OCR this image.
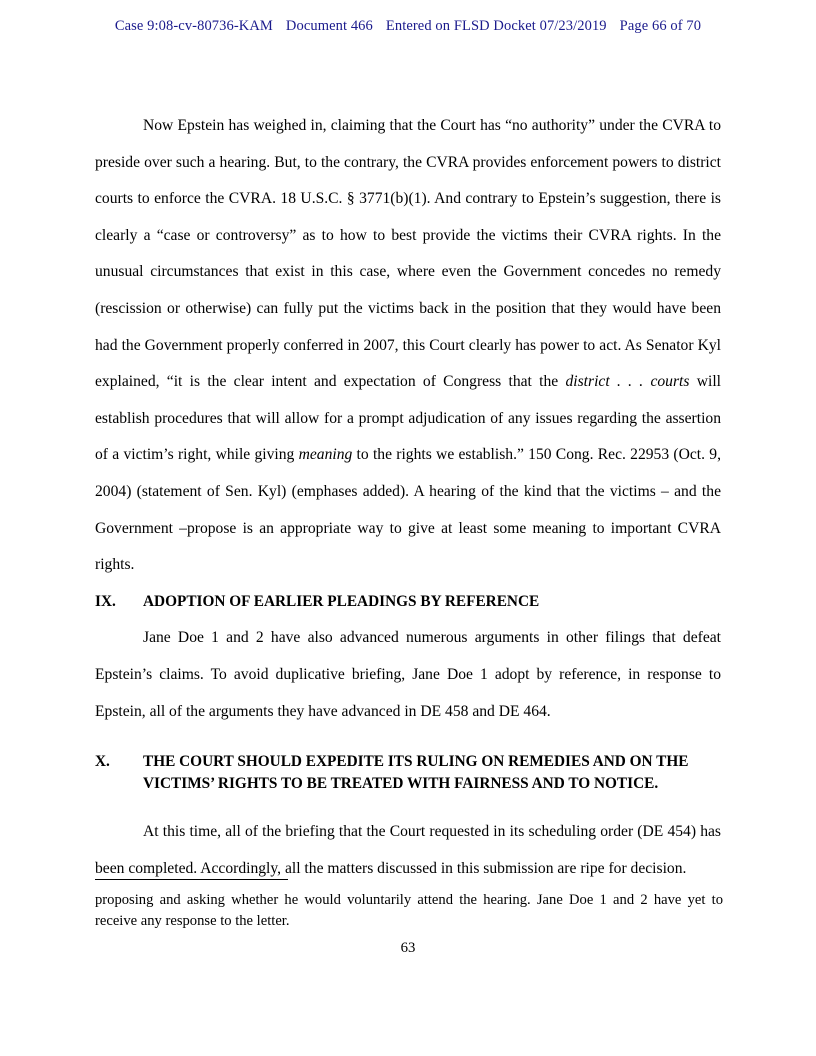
Case 9:08-cv-80736-KAM Document 466 Entered on FLSD Docket 07/23/2019 Page 66 of 70

Now Epstein has weighed in, claiming that the Court has “no authority” under the CVRA to preside over such a hearing. But, to the contrary, the CVRA provides enforcement powers to district courts to enforce the CVRA. 18 U.S.C. § 3771(b)(1). And contrary to Epstein’s suggestion, there is clearly a “case or controversy” as to how to best provide the victims their CVRA rights. In the unusual circumstances that exist in this case, where even the Government concedes no remedy (rescission or otherwise) can fully put the victims back in the position that they would have been had the Government properly conferred in 2007, this Court clearly has power to act. As Senator Kyl explained, “it is the clear intent and expectation of Congress that the district . . . courts will establish procedures that will allow for a prompt adjudication of any issues regarding the assertion of a victim’s right, while giving meaning to the rights we establish.” 150 Cong. Rec. 22953 (Oct. 9, 2004) (statement of Sen. Kyl) (emphases added). A hearing of the kind that the victims – and the Government –propose is an appropriate way to give at least some meaning to important CVRA rights.

IX.	ADOPTION OF EARLIER PLEADINGS BY REFERENCE

Jane Doe 1 and 2 have also advanced numerous arguments in other filings that defeat Epstein’s claims. To avoid duplicative briefing, Jane Doe 1 adopt by reference, in response to Epstein, all of the arguments they have advanced in DE 458 and DE 464.

X.	THE COURT SHOULD EXPEDITE ITS RULING ON REMEDIES AND ON THE VICTIMS’ RIGHTS TO BE TREATED WITH FAIRNESS AND TO NOTICE.

At this time, all of the briefing that the Court requested in its scheduling order (DE 454) has been completed. Accordingly, all the matters discussed in this submission are ripe for decision.

proposing and asking whether he would voluntarily attend the hearing. Jane Doe 1 and 2 have yet to receive any response to the letter.
63
